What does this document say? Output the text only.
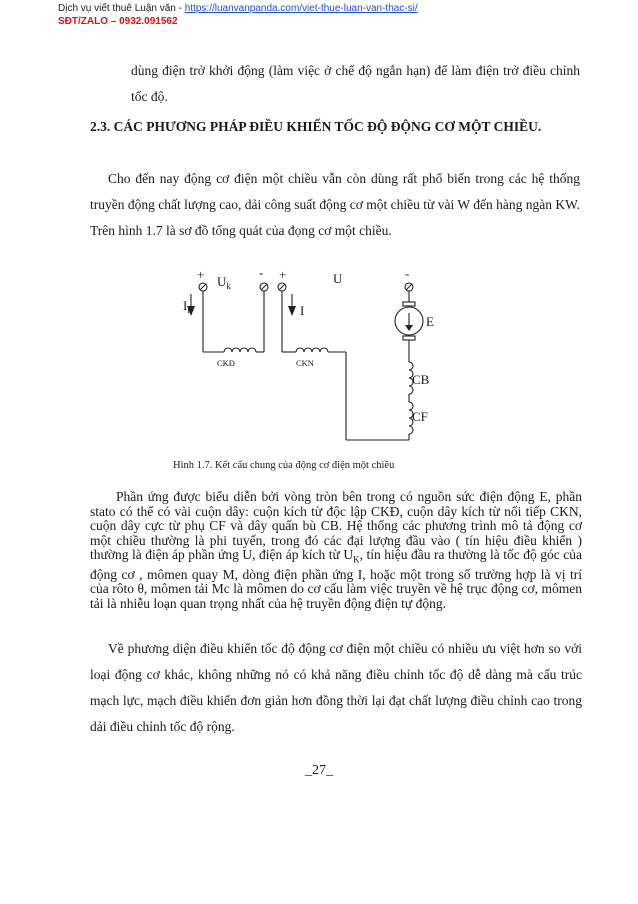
Dịch vụ viết thuê Luận văn - https://luanvanpanda.com/viet-thue-luan-van-thac-si/
SĐT/ZALO – 0932.091562
dùng điện trở khởi động (làm việc ở chế độ ngắn hạn) để làm điện trở điều chỉnh tốc độ.
2.3. CÁC PHƯƠNG PHÁP ĐIỀU KHIỂN TỐC ĐỘ ĐỘNG CƠ MỘT CHIỀU.
Cho đến nay động cơ điện một chiều vẫn còn dùng rất phổ biến trong các hệ thống truyền động chất lượng cao, dải công suất động cơ một chiều từ vài W đến hàng ngàn KW. Trên hình 1.7 là sơ đồ tổng quát của đọng cơ một chiều.
+ $U_k$
- +	U	-
$I_k$	I
E
CB
CF
CKĐ	CKN
Hình 1.7. Kết cấu chung của động cơ điện một chiều
Phần ứng được biểu diễn bởi vòng tròn bên trong có nguồn sức điện động E, phần stato có thể có vài cuộn dây: cuộn kích từ độc lập CKĐ, cuộn dây kích từ nối tiếp CKN, cuộn dây cực từ phụ CF và dây quấn bù CB. Hệ thống các phương trình mô tả động cơ một chiều thường là phi tuyến, trong đó các đại lượng đầu vào ( tín hiệu điều khiển ) thường là điện áp phần ứng U, điện áp kích từ $U_K$, tín hiệu đầu ra thường là tốc độ góc của động cơ , mômen quay M, dòng điện phần ứng I, hoặc một trong số trường hợp là vị trí của rôto θ, mômen tải Mc là mômen do cơ cấu làm việc truyền về hệ trục động cơ, mômen tải là nhiễu loạn quan trọng nhất của hệ truyền động điện tự động.
Về phương diện điều khiển tốc độ động cơ điện một chiều có nhiều ưu việt hơn so với loại động cơ khác, không những nó có khả năng điều chỉnh tốc độ dễ dàng mà cấu trúc mạch lực, mạch điều khiển đơn giản hơn đồng thời lại đạt chất lượng điều chỉnh cao trong dải điều chỉnh tốc độ rộng.
_27_
